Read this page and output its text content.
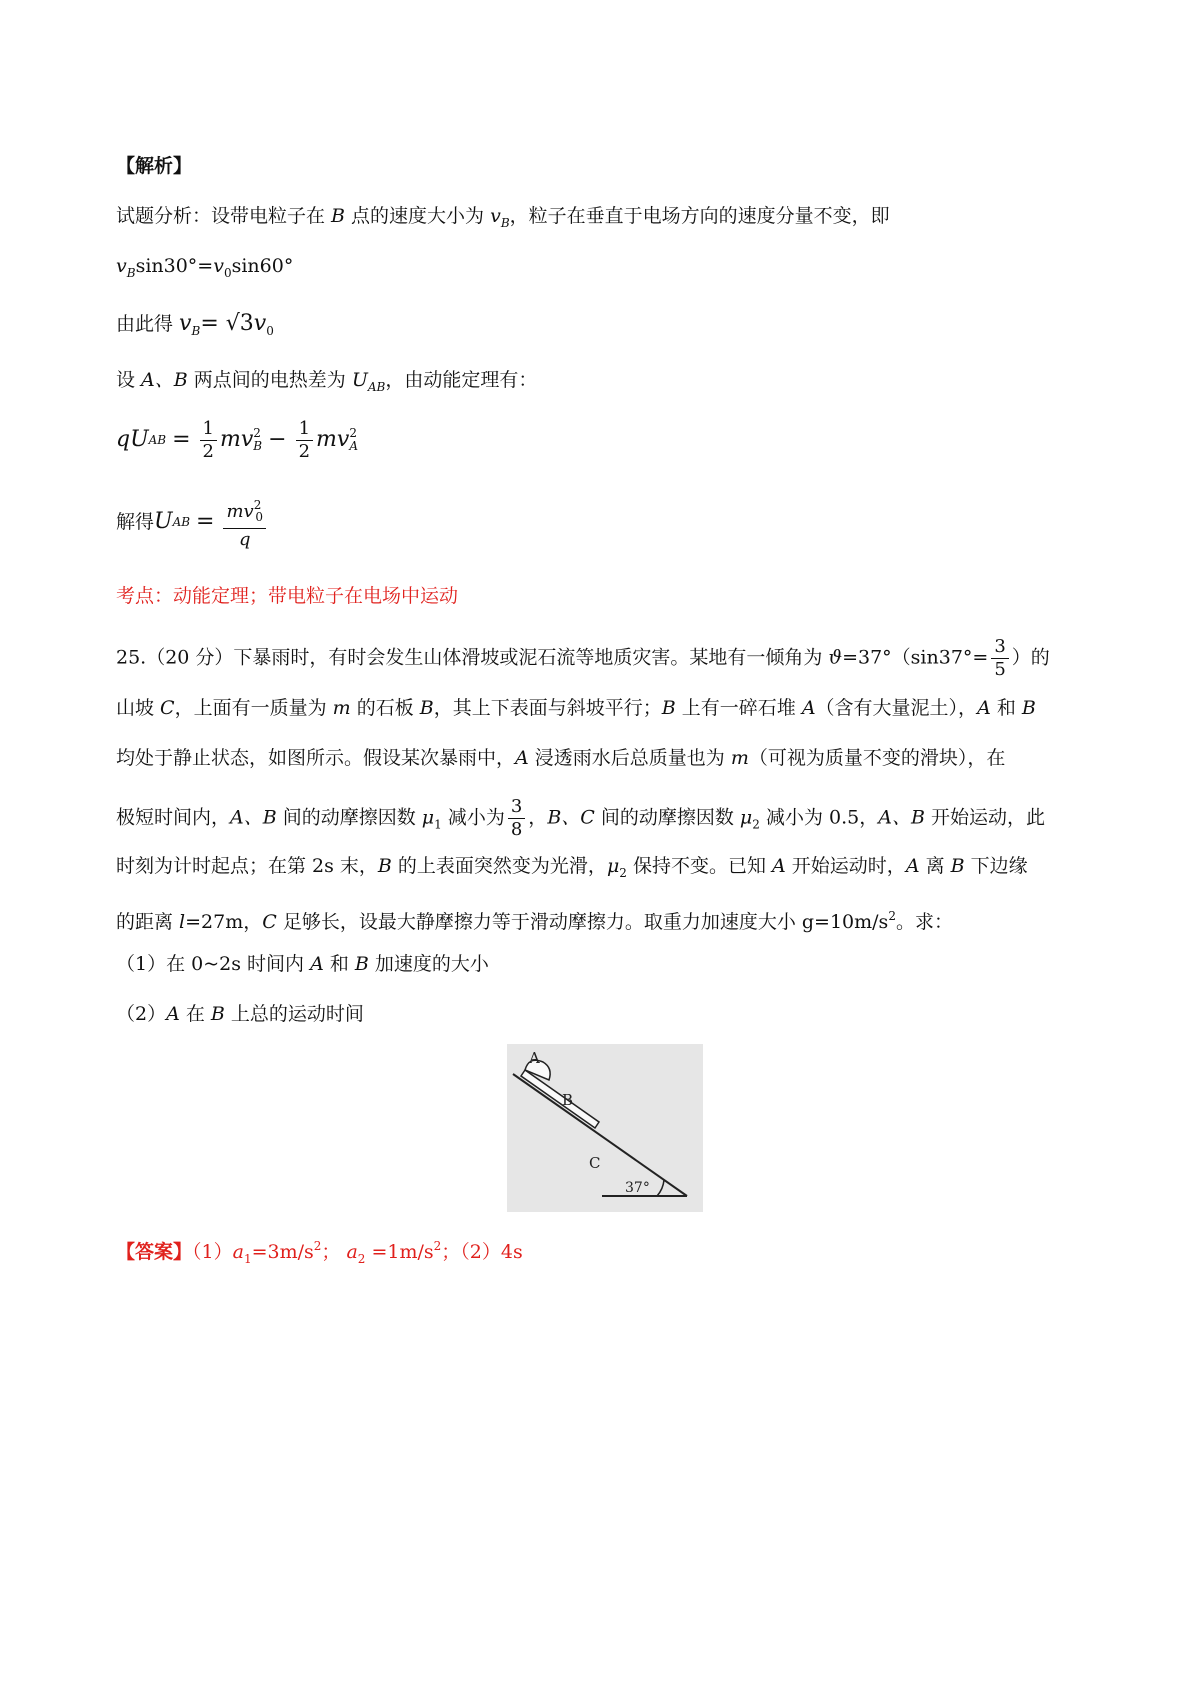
【解析】
试题分析：设带电粒子在 B 点的速度大小为 $v_B$，粒子在垂直于电场方向的速度分量不变，即
$v_B\sin 30^\circ=v_0\sin 60^\circ$
由此得 $v_B= √3v_0$
设 A、B 两点间的电热差为 $U_{AB}$，由动能定理有：
qU AB = $\frac{1}{2}$ mv 2
$B - \frac{1}{2}$ mv 2
A
解得 U AB = $\frac{mv^2_0}{q}$
考点：动能定理；带电粒子在电场中运动
25.（20 分）下暴雨时，有时会发生山体滑坡或泥石流等地质灾害。某地有一倾角为 $ϑ=37^\circ(\sin 37^\circ= \frac{3}{5}$ ）的
山坡 C，上面有一质量为 m 的石板 B，其上下表面与斜坡平行；B 上有一碎石堆 A（含有大量泥土），A 和 B
均处于静止状态，如图所示。假设某次暴雨中，A 浸透雨水后总质量也为 m（可视为质量不变的滑块），在
极短时间内，A、B 间的动摩擦因数 $\mu_1$ 减小为 $\frac{3}{8}$ ，B、C 间的动摩擦因数 $\mu_2$ 减小为 0.5，A、B 开始运动，此
时刻为计时起点；在第 2s 末，B 的上表面突然变为光滑，$\mu_2$ 保持不变。已知 A 开始运动时，A 离 B 下边缘
的距离 l=27m，C 足够长，设最大静摩擦力等于滑动摩擦力。取重力加速度大小 $g=10m/s^2$。求：
（1）在 0~2s 时间内 A 和 B 加速度的大小
（2）A 在 B 上总的运动时间
A
B
C
37°
【答案】$(1)a_1=3m/s^2$； $a_2 =1m/s^2$；（2）4s
